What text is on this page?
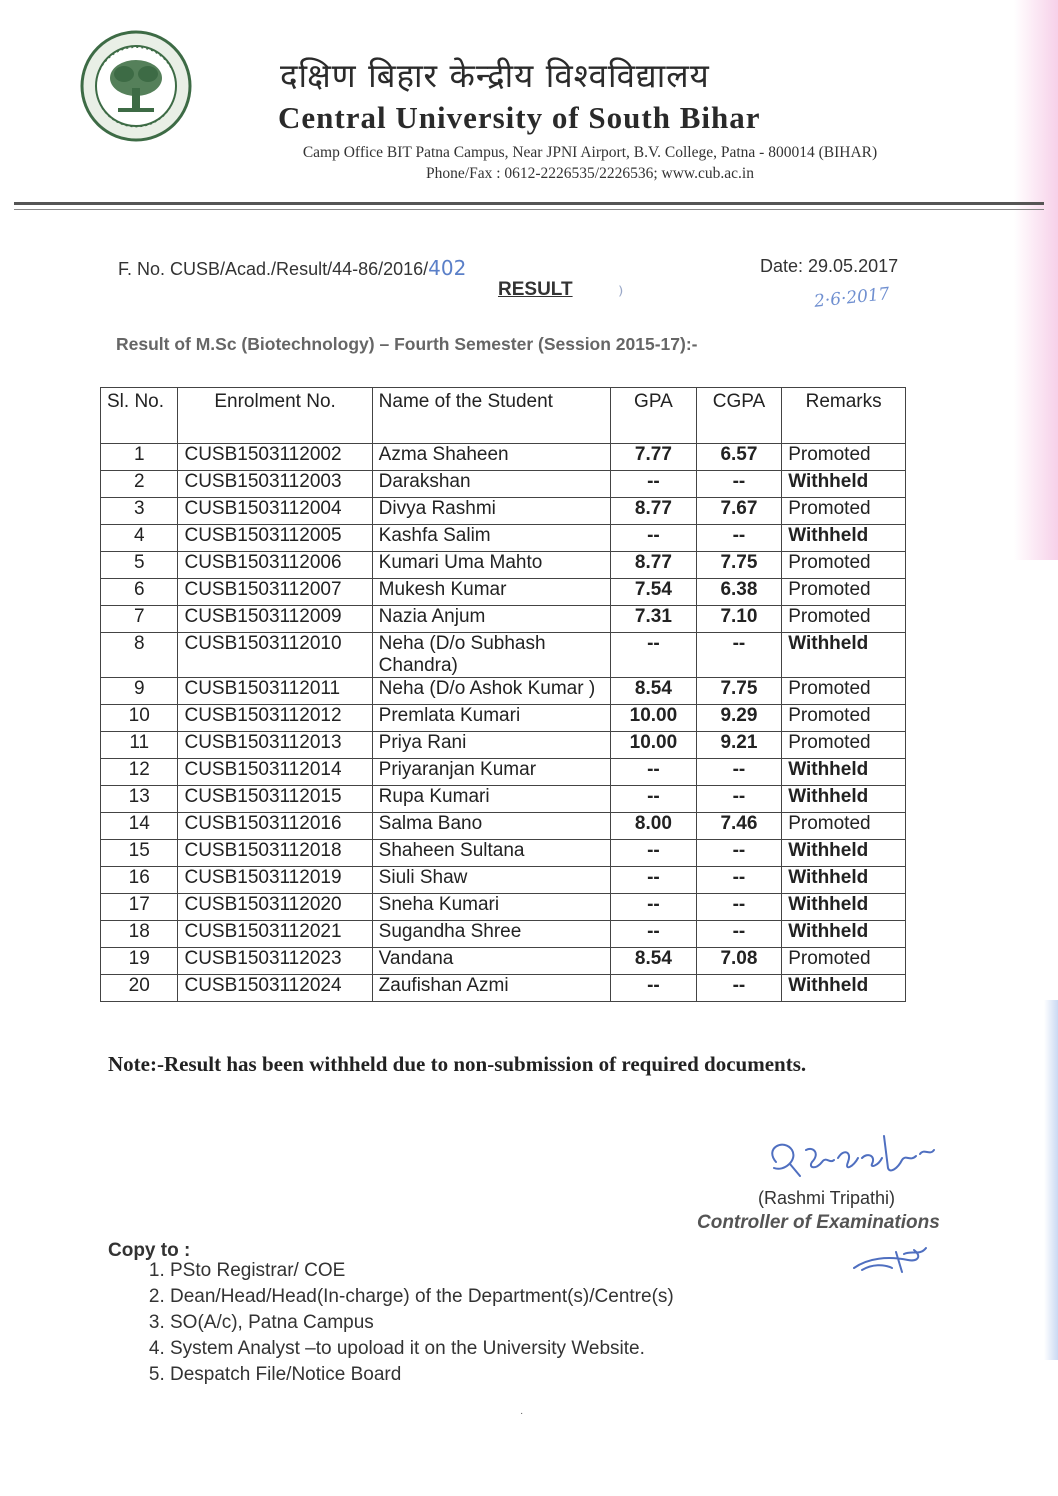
दक्षिण बिहार केन्द्रीय विश्वविद्यालय
Central University of South Bihar
Camp Office BIT Patna Campus, Near JPNI Airport, B.V. College, Patna - 800014 (BIHAR)
Phone/Fax : 0612-2226535/2226536; www.cub.ac.in
F. No. CUSB/Acad./Result/44-86/2016/402	Date: 29.05.2017
2·6·2017
⁾
RESULT
Result of M.Sc (Biotechnology) – Fourth Semester (Session 2015-17):-
Sl. No.	Enrolment No.	Name of the Student	GPA	CGPA	Remarks
1	CUSB1503112002	Azma Shaheen	7.77	6.57	Promoted
2	CUSB1503112003	Darakshan	--	--	Withheld
3	CUSB1503112004	Divya Rashmi	8.77	7.67	Promoted
4	CUSB1503112005	Kashfa Salim	--	--	Withheld
5	CUSB1503112006	Kumari Uma Mahto	8.77	7.75	Promoted
6	CUSB1503112007	Mukesh Kumar	7.54	6.38	Promoted
7	CUSB1503112009	Nazia Anjum	7.31	7.10	Promoted
8	CUSB1503112010	Neha (D/o Subhash Chandra)	--	--	Withheld
9	CUSB1503112011	Neha (D/o Ashok Kumar )	8.54	7.75	Promoted
10	CUSB1503112012	Premlata Kumari	10.00	9.29	Promoted
11	CUSB1503112013	Priya Rani	10.00	9.21	Promoted
12	CUSB1503112014	Priyaranjan Kumar	--	--	Withheld
13	CUSB1503112015	Rupa Kumari	--	--	Withheld
14	CUSB1503112016	Salma Bano	8.00	7.46	Promoted
15	CUSB1503112018	Shaheen Sultana	--	--	Withheld
16	CUSB1503112019	Siuli Shaw	--	--	Withheld
17	CUSB1503112020	Sneha Kumari	--	--	Withheld
18	CUSB1503112021	Sugandha Shree	--	--	Withheld
19	CUSB1503112023	Vandana	8.54	7.08	Promoted
20	CUSB1503112024	Zaufishan Azmi	--	--	Withheld
Note:-Result has been withheld due to non-submission of required documents.
(Rashmi Tripathi)
Controller of Examinations
Copy to :
1. PSto Registrar/ COE
2. Dean/Head/Head(In-charge) of the Department(s)/Centre(s)
3. SO(A/c), Patna Campus
4. System Analyst –to upoload it on the University Website.
5. Despatch File/Notice Board
·
